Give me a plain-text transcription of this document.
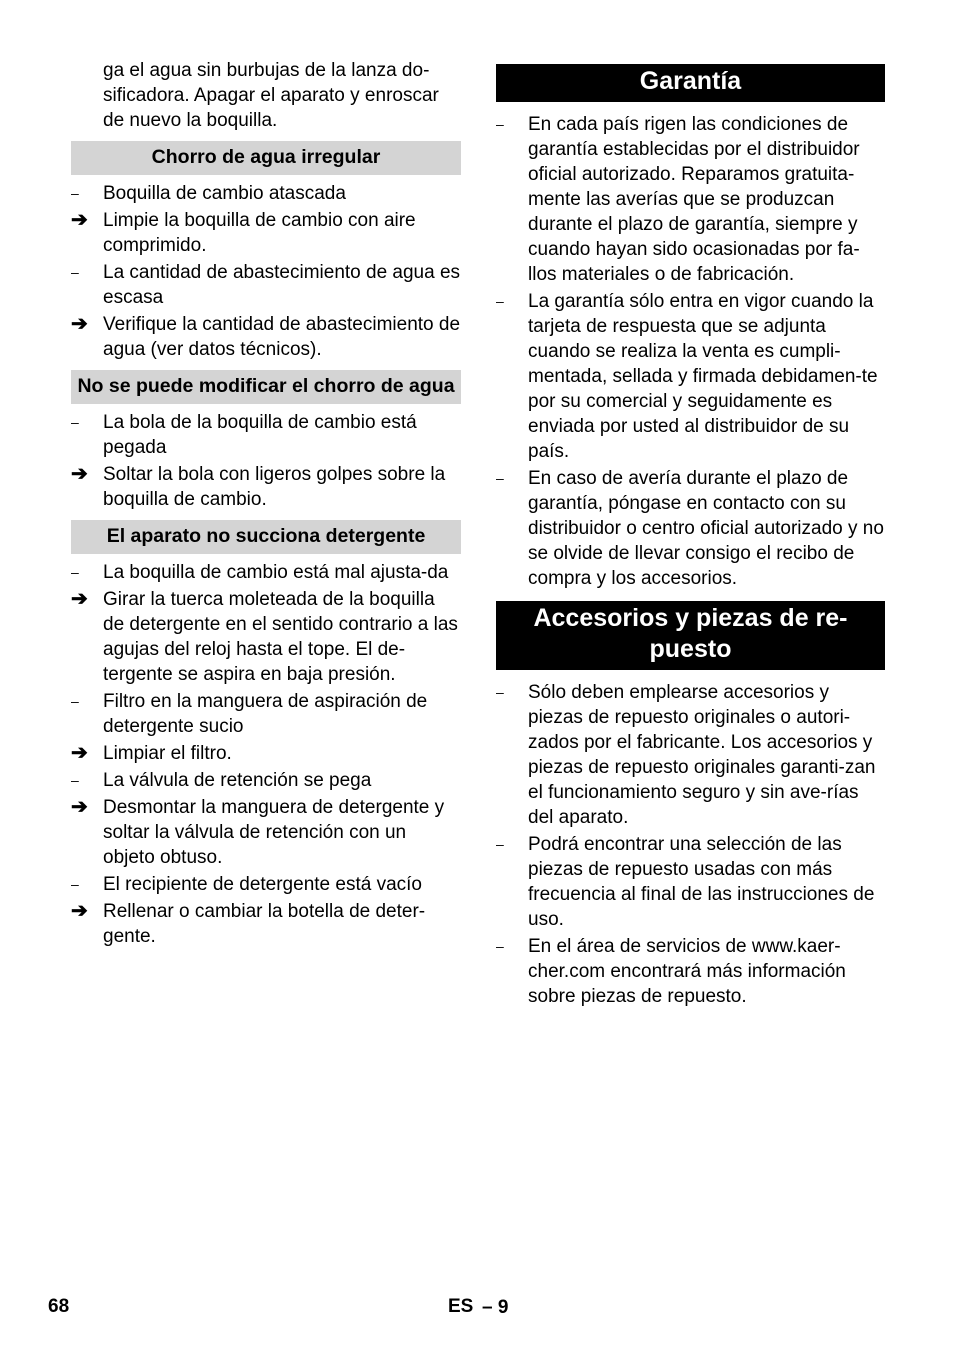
ga el agua sin burbujas de la lanza do-sificadora. Apagar el aparato y enroscar de nuevo la boquilla.

Chorro de agua irregular
–	Boquilla de cambio atascada
➔ Limpie la boquilla de cambio con aire comprimido.
–	La cantidad de abastecimiento de agua es escasa
➔ Verifique la cantidad de abastecimiento de agua (ver datos técnicos).
No se puede modificar el chorro de agua
–	La bola de la boquilla de cambio está pegada
➔ Soltar la bola con ligeros golpes sobre la boquilla de cambio.
El aparato no succiona detergente
–	La boquilla de cambio está mal ajusta-da
➔ Girar la tuerca moleteada de la boquilla de detergente en el sentido contrario a las agujas del reloj hasta el tope. El de-tergente se aspira en baja presión.
–	Filtro en la manguera de aspiración de detergente sucio
➔ Limpiar el filtro.
–	La válvula de retención se pega
➔ Desmontar la manguera de detergente y soltar la válvula de retención con un objeto obtuso.
–	El recipiente de detergente está vacío
➔ Rellenar o cambiar la botella de deter-gente.
Garantía
–	En cada país rigen las condiciones de garantía establecidas por el distribuidor oficial autorizado. Reparamos gratuita-mente las averías que se produzcan durante el plazo de garantía, siempre y cuando hayan sido ocasionadas por fa-llos materiales o de fabricación.
–	La garantía sólo entra en vigor cuando la tarjeta de respuesta que se adjunta cuando se realiza la venta es cumpli-mentada, sellada y firmada debidamen-te por su comercial y seguidamente es enviada por usted al distribuidor de su país.
–	En caso de avería durante el plazo de garantía, póngase en contacto con su distribuidor o centro oficial autorizado y no se olvide de llevar consigo el recibo de compra y los accesorios.
Accesorios y piezas de re-puesto
–	Sólo deben emplearse accesorios y piezas de repuesto originales o autori-zados por el fabricante. Los accesorios y piezas de repuesto originales garanti-zan el funcionamiento seguro y sin ave-rías del aparato.
–	Podrá encontrar una selección de las piezas de repuesto usadas con más frecuencia al final de las instrucciones de uso.
–	En el área de servicios de www.kaer-cher.com encontrará más información sobre piezas de repuesto.
68	ES – 9
